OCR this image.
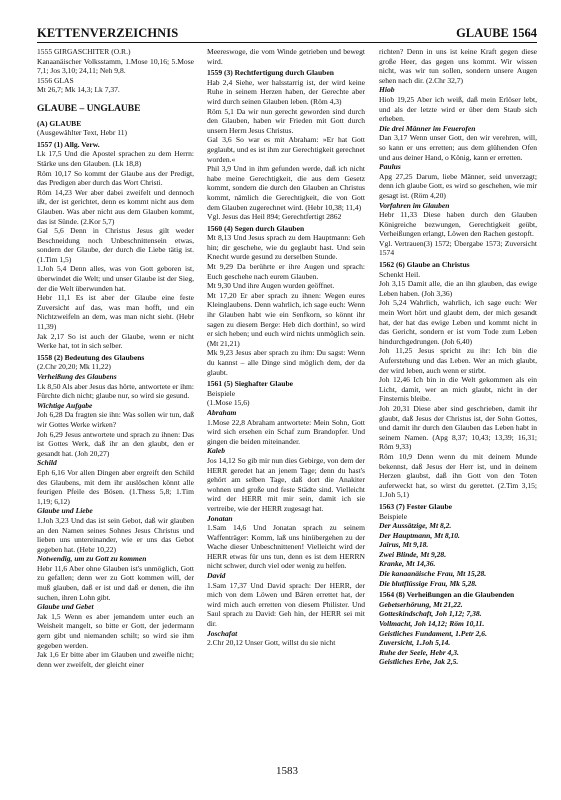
KETTENVERZEICHNIS	GLAUBE 1564
1555 GIRGASCHITER (O.R.)
Kanaanäischer Volksstamm, 1.Mose 10,16; 5.Mose 7,1; Jos 3,10; 24,11; Neh 9,8.
1556 GLAS
Mt 26,7; Mk 14,3; Lk 7,37.
GLAUBE – UNGLAUBE
(A) GLAUBE
(Ausgewählter Text, Hebr 11)
1557 (1) Allg. Verw.
Lk 17,5 Und die Apostel sprachen zu dem Herrn: Stärke uns den Glauben. (Lk 18,8)
Röm 10,17 So kommt der Glaube aus der Predigt, das Predigen aber durch das Wort Christi.
Röm 14,23 Wer aber dabei zweifelt und dennoch ißt, der ist gerichtet, denn es kommt nicht aus dem Glauben. Was aber nicht aus dem Glauben kommt, das ist Sünde. (2.Kor 5,7)
Gal 5,6 Denn in Christus Jesus gilt weder Beschneidung noch Unbeschnittensein etwas, sondern der Glaube, der durch die Liebe tätig ist. (1.Tim 1,5)
1.Joh 5,4 Denn alles, was von Gott geboren ist, überwindet die Welt; und unser Glaube ist der Sieg, der die Welt überwunden hat.
Hebr 11,1 Es ist aber der Glaube eine feste Zuversicht auf das, was man hofft, und ein Nichtzweifeln an dem, was man nicht sieht. (Hebr 11,39)
Jak 2,17 So ist auch der Glaube, wenn er nicht Werke hat, tot in sich selber.
1558 (2) Bedeutung des Glaubens
(2.Chr 20,20; Mk 11,22)
Verheißung des Glaubens
Lk 8,50 Als aber Jesus das hörte, antwortete er ihm: Fürchte dich nicht; glaube nur, so wird sie gesund.
Wichtige Aufgabe
Joh 6,28 Da fragten sie ihn: Was sollen wir tun, daß wir Gottes Werke wirken?
Joh 6,29 Jesus antwortete und sprach zu ihnen: Das ist Gottes Werk, daß ihr an den glaubt, den er gesandt hat. (Joh 20,27)
Schild
Eph 6,16 Vor allen Dingen aber ergreift den Schild des Glaubens, mit dem ihr auslöschen könnt alle feurigen Pfeile des Bösen. (1.Thess 5,8; 1.Tim 1,19; 6,12)
Glaube und Liebe
1.Joh 3,23 Und das ist sein Gebot, daß wir glauben an den Namen seines Sohnes Jesus Christus und lieben uns untereinander, wie er uns das Gebot gegeben hat. (Hebr 10,22)
Notwendig, um zu Gott zu kommen
Hebr 11,6 Aber ohne Glauben ist's unmöglich, Gott zu gefallen; denn wer zu Gott kommen will, der muß glauben, daß er ist und daß er denen, die ihn suchen, ihren Lohn gibt.
Glaube und Gebet
Jak 1,5 Wenn es aber jemandem unter euch an Weisheit mangelt, so bitte er Gott, der jedermann gern gibt und niemanden schilt; so wird sie ihm gegeben werden.
Jak 1,6 Er bitte aber im Glauben und zweifle nicht; denn wer zweifelt, der gleicht einer
Meereswoge, die vom Winde getrieben und bewegt wird.
1559 (3) Rechtfertigung durch Glauben
Hab 2,4 Siehe, wer halsstarrig ist, der wird keine Ruhe in seinem Herzen haben, der Gerechte aber wird durch seinen Glauben leben. (Röm 4,3)
Röm 5,1 Da wir nun gerecht geworden sind durch den Glauben, haben wir Frieden mit Gott durch unsern Herrn Jesus Christus.
Gal 3,6 So war es mit Abraham: »Er hat Gott geglaubt, und es ist ihm zur Gerechtigkeit gerechnet worden.«
Phil 3,9 Und in ihm gefunden werde, daß ich nicht habe meine Gerechtigkeit, die aus dem Gesetz kommt, sondern die durch den Glauben an Christus kommt, nämlich die Gerechtigkeit, die von Gott dem Glauben zugerechnet wird. (Hebr 10,38; 11,4)
Vgl. Jesus das Heil 894; Gerechtfertigt 2862
1560 (4) Segen durch Glauben
Mt 8,13 Und Jesus sprach zu dem Hauptmann: Geh hin; dir geschehe, wie du geglaubt hast. Und sein Knecht wurde gesund zu derselben Stunde.
Mt 9,29 Da berührte er ihre Augen und sprach: Euch geschehe nach eurem Glauben.
Mt 9,30 Und ihre Augen wurden geöffnet.
Mt 17,20 Er aber sprach zu ihnen: Wegen eures Kleinglaubens. Denn wahrlich, ich sage euch: Wenn ihr Glauben habt wie ein Senfkorn, so könnt ihr sagen zu diesem Berge: Heb dich dorthin!, so wird er sich heben; und euch wird nichts unmöglich sein. (Mt 21,21)
Mk 9,23 Jesus aber sprach zu ihm: Du sagst: Wenn du kannst – alle Dinge sind möglich dem, der da glaubt.
1561 (5) Sieghafter Glaube
Beispiele
(1.Mose 15,6)
Abraham
1.Mose 22,8 Abraham antwortete: Mein Sohn, Gott wird sich ersehen ein Schaf zum Brandopfer. Und gingen die beiden miteinander.
Kaleb
Jos 14,12 So gib mir nun dies Gebirge, von dem der HERR geredet hat an jenem Tage; denn du hast's gehört am selben Tage, daß dort die Anakiter wohnen und große und feste Städte sind. Vielleicht wird der HERR mit mir sein, damit ich sie vertreibe, wie der HERR zugesagt hat.
Jonatan
1.Sam 14,6 Und Jonatan sprach zu seinem Waffenträger: Komm, laß uns hinübergehen zu der Wache dieser Unbeschnittenen! Vielleicht wird der HERR etwas für uns tun, denn es ist dem HERRN nicht schwer, durch viel oder wenig zu helfen.
David
1.Sam 17,37 Und David sprach: Der HERR, der mich von dem Löwen und Bären errettet hat, der wird mich auch erretten von diesem Philister. Und Saul sprach zu David: Geh hin, der HERR sei mit dir.
Joschafat
2.Chr 20,12 Unser Gott, willst du sie nicht
richten? Denn in uns ist keine Kraft gegen diese große Heer, das gegen uns kommt. Wir wissen nicht, was wir tun sollen, sondern unsere Augen sehen nach dir. (2.Chr 32,7)
Hiob
Hiob 19,25 Aber ich weiß, daß mein Erlöser lebt, und als der letzte wird er über dem Staub sich erheben.
Die drei Männer im Feuerofen
Dan 3,17 Wenn unser Gott, den wir verehren, will, so kann er uns erretten; aus dem glühenden Ofen und aus deiner Hand, o König, kann er erretten.
Paulus
Apg 27,25 Darum, liebe Männer, seid unverzagt; denn ich glaube Gott, es wird so geschehen, wie mir gesagt ist. (Röm 4,20)
Vorfahren im Glauben
Hebr 11,33 Diese haben durch den Glauben Königreiche bezwungen, Gerechtigkeit geübt, Verheißungen erlangt, Löwen den Rachen gestopft.
Vgl. Vertrauen(3) 1572; Übergabe 1573; Zuversicht 1574
1562 (6) Glaube an Christus
Schenkt Heil.
Joh 3,15 Damit alle, die an ihn glauben, das ewige Leben haben. (Joh 3,36)
Joh 5,24 Wahrlich, wahrlich, ich sage euch: Wer mein Wort hört und glaubt dem, der mich gesandt hat, der hat das ewige Leben und kommt nicht in das Gericht, sondern er ist vom Tode zum Leben hindurchgedrungen. (Joh 6,40)
Joh 11,25 Jesus spricht zu ihr: Ich bin die Auferstehung und das Leben. Wer an mich glaubt, der wird leben, auch wenn er stirbt.
Joh 12,46 Ich bin in die Welt gekommen als ein Licht, damit, wer an mich glaubt, nicht in der Finsternis bleibe.
Joh 20,31 Diese aber sind geschrieben, damit ihr glaubt, daß Jesus der Christus ist, der Sohn Gottes, und damit ihr durch den Glauben das Leben habt in seinem Namen. (Apg 8,37; 10,43; 13,39; 16,31; Röm 9,33)
Röm 10,9 Denn wenn du mit deinem Munde bekennst, daß Jesus der Herr ist, und in deinem Herzen glaubst, daß ihn Gott von den Toten auferweckt hat, so wirst du gerettet. (2.Tim 3,15; 1.Joh 5,1)
1563 (7) Fester Glaube
Beispiele
Der Aussätzige, Mt 8,2.
Der Hauptmann, Mt 8,10.
Jaïrus, Mt 9,18.
Zwei Blinde, Mt 9,28.
Kranke, Mt 14,36.
Die kanaanäische Frau, Mt 15,28.
Die blutflüssige Frau, Mk 5,28.
1564 (8) Verheißungen an die Glaubenden
Gebetserhörung, Mt 21,22.
Gotteskindschaft, Joh 1,12; 7,38.
Vollmacht, Joh 14,12; Röm 10,11.
Geistliches Fundament, 1.Petr 2,6.
Zuversicht, 1.Joh 5,14.
Ruhe der Seele, Hebr 4,3.
Geistliches Erbe, Jak 2,5.
1583
